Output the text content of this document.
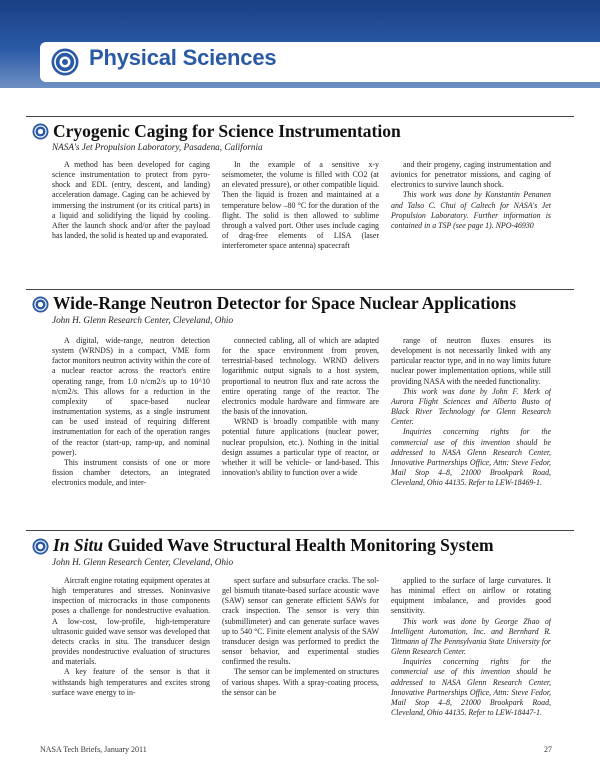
Physical Sciences
Cryogenic Caging for Science Instrumentation
NASA's Jet Propulsion Laboratory, Pasadena, California

A method has been developed for caging science instrumentation to protect from pyro-shock and EDL (entry, descent, and landing) acceleration damage. Caging can be achieved by immersing the instrument (or its critical parts) in a liquid and solidifying the liquid by cooling. After the launch shock and/or after the payload has landed, the solid is heated up and evaporated.

In the example of a sensitive x-y seismometer, the volume is filled with CO2 (at an elevated pressure), or other compatible liquid. Then the liquid is frozen and maintained at a temperature below –80 °C for the duration of the flight. The solid is then allowed to sublime through a valved port. Other uses include caging of drag-free elements of LISA (laser interferometer space antenna) spacecraft

and their progeny, caging instrumentation and avionics for penetrator missions, and caging of electronics to survive launch shock.

This work was done by Konstantin Penanen and Talso C. Chui of Caltech for NASA's Jet Propulsion Laboratory. Further information is contained in a TSP (see page 1). NPO-46930

Wide-Range Neutron Detector for Space Nuclear Applications
John H. Glenn Research Center, Cleveland, Ohio

A digital, wide-range, neutron detection system (WRNDS) in a compact, VME form factor monitors neutron activity within the core of a nuclear reactor across the reactor's entire operating range, from 1.0 n/cm2/s up to 10^10 n/cm2/s. This allows for a reduction in the complexity of space-based nuclear instrumentation systems, as a single instrument can be used instead of requiring different instrumentation for each of the operation ranges of the reactor (start-up, ramp-up, and nominal power).

This instrument consists of one or more fission chamber detectors, an integrated electronics module, and inter-

connected cabling, all of which are adapted for the space environment from proven, terrestrial-based technology. WRND delivers logarithmic output signals to a host system, proportional to neutron flux and rate across the entire operating range of the reactor. The electronics module hardware and firmware are the basis of the innovation.

WRND is broadly compatible with many potential future applications (nuclear power, nuclear propulsion, etc.). Nothing in the initial design assumes a particular type of reactor, or whether it will be vehicle- or land-based. This innovation's ability to function over a wide

range of neutron fluxes ensures its development is not necessarily linked with any particular reactor type, and in no way limits future nuclear power implementation options, while still providing NASA with the needed functionality.

This work was done by John F. Merk of Aurora Flight Sciences and Alberto Busto of Black River Technology for Glenn Research Center.

Inquiries concerning rights for the commercial use of this invention should be addressed to NASA Glenn Research Center, Innovative Partnerships Office, Attn: Steve Fedor, Mail Stop 4–8, 21000 Brookpark Road, Cleveland, Ohio 44135. Refer to LEW-18469-1.

In Situ Guided Wave Structural Health Monitoring System
John H. Glenn Research Center, Cleveland, Ohio

Aircraft engine rotating equipment operates at high temperatures and stresses. Noninvasive inspection of microcracks in those components poses a challenge for nondestructive evaluation. A low-cost, low-profile, high-temperature ultrasonic guided wave sensor was developed that detects cracks in situ. The transducer design provides nondestructive evaluation of structures and materials.

A key feature of the sensor is that it withstands high temperatures and excites strong surface wave energy to in-

spect surface and subsurface cracks. The sol-gel bismuth titanate-based surface acoustic wave (SAW) sensor can generate efficient SAWs for crack inspection. The sensor is very thin (submillimeter) and can generate surface waves up to 540 °C. Finite element analysis of the SAW transducer design was performed to predict the sensor behavior, and experimental studies confirmed the results.

The sensor can be implemented on structures of various shapes. With a spray-coating process, the sensor can be

applied to the surface of large curvatures. It has minimal effect on airflow or rotating equipment imbalance, and provides good sensitivity.

This work was done by George Zhao of Intelligent Automation, Inc. and Bernhard R. Tittmann of The Pennsylvania State University for Glenn Research Center.

Inquiries concerning rights for the commercial use of this invention should be addressed to NASA Glenn Research Center, Innovative Partnerships Office, Attn: Steve Fedor, Mail Stop 4–8, 21000 Brookpark Road, Cleveland, Ohio 44135. Refer to LEW-18447-1.

NASA Tech Briefs, January 2011	27
